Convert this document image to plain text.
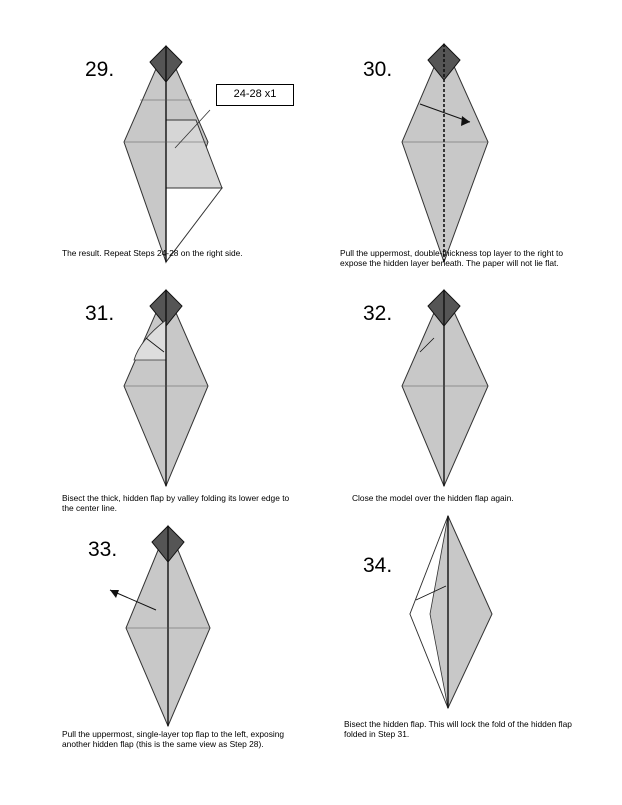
29.
24-28 x1
The result. Repeat Steps 24-28 on the right side.
30.
Pull the uppermost, double-thickness top layer to the right to expose the hidden layer beneath. The paper will not lie flat.
31.
Bisect the thick, hidden flap by valley folding its lower edge to the center line.
32.
Close the model over the hidden flap again.
33.
Pull the uppermost, single-layer top flap to the left, exposing another hidden flap (this is the same view as Step 28).
34.
Bisect the hidden flap. This will lock the fold of the hidden flap folded in Step 31.
